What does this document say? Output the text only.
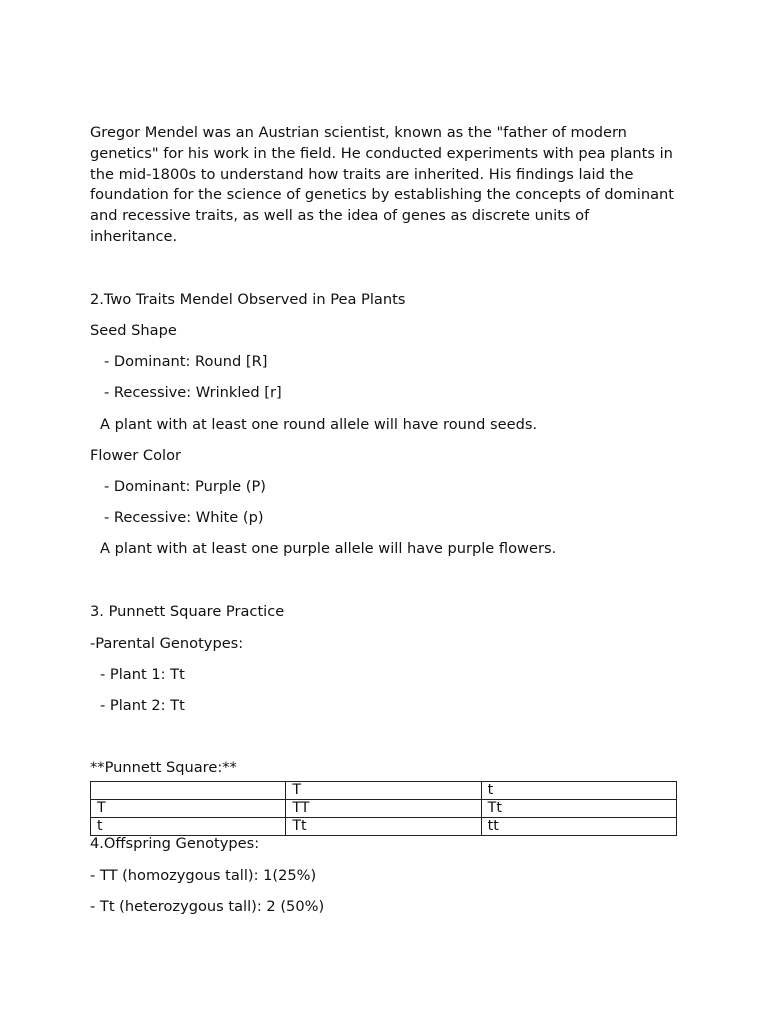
Gregor Mendel was an Austrian scientist, known as the "father of modern genetics" for his work in the field. He conducted experiments with pea plants in the mid-1800s to understand how traits are inherited. His findings laid the foundation for the science of genetics by establishing the concepts of dominant and recessive traits, as well as the idea of genes as discrete units of inheritance.

2.Two Traits Mendel Observed in Pea Plants

Seed Shape

- Dominant: Round [R]

- Recessive: Wrinkled [r]

A plant with at least one round allele will have round seeds.

Flower Color

- Dominant: Purple (P)

- Recessive: White (p)

A plant with at least one purple allele will have purple flowers.

3. Punnett Square Practice

-Parental Genotypes:

- Plant 1: Tt

- Plant 2: Tt

**Punnett Square:**

	T	t
T	TT	Tt
t	Tt	tt

4.Offspring Genotypes:

- TT (homozygous tall): 1(25%)

- Tt (heterozygous tall): 2 (50%)
